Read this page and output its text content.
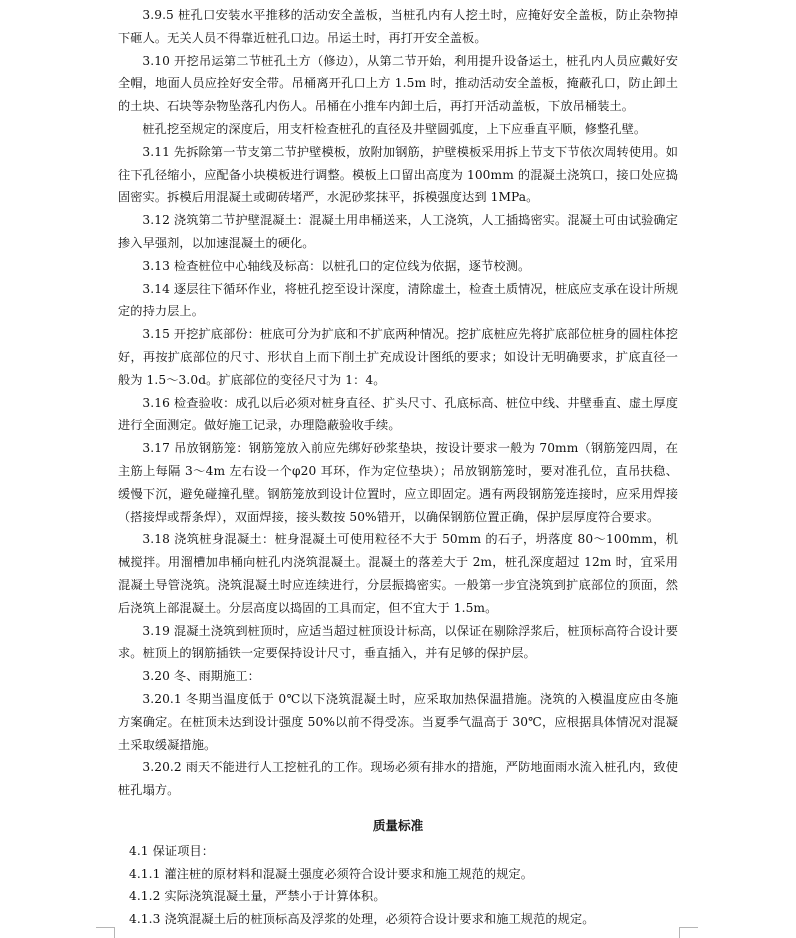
3.9.5 桩孔口安装水平推移的活动安全盖板，当桩孔内有人挖土时，应掩好安全盖板，防止杂物掉下砸人。无关人员不得靠近桩孔口边。吊运土时，再打开安全盖板。

3.10 开挖吊运第二节桩孔土方（修边），从第二节开始，利用提升设备运土，桩孔内人员应戴好安全帽，地面人员应拴好安全带。吊桶离开孔口上方 1.5m 时，推动活动安全盖板，掩蔽孔口，防止卸土的土块、石块等杂物坠落孔内伤人。吊桶在小推车内卸土后，再打开活动盖板，下放吊桶装土。

桩孔挖至规定的深度后，用支杆检查桩孔的直径及井壁圆弧度，上下应垂直平顺，修整孔壁。

3.11 先拆除第一节支第二节护壁模板，放附加钢筋，护壁模板采用拆上节支下节依次周转使用。如往下孔径缩小，应配备小块模板进行调整。模板上口留出高度为 100mm 的混凝土浇筑口，接口处应捣固密实。拆模后用混凝土或砌砖堵严，水泥砂浆抹平，拆模强度达到 1MPa。

3.12 浇筑第二节护壁混凝土：混凝土用串桶送来，人工浇筑，人工插捣密实。混凝土可由试验确定掺入早强剂，以加速混凝土的硬化。

3.13 检查桩位中心轴线及标高：以桩孔口的定位线为依据，逐节校测。

3.14 逐层往下循环作业，将桩孔挖至设计深度，清除虚土，检查土质情况，桩底应支承在设计所规定的持力层上。

3.15 开挖扩底部份：桩底可分为扩底和不扩底两种情况。挖扩底桩应先将扩底部位桩身的圆柱体挖好，再按扩底部位的尺寸、形状自上而下削土扩充成设计图纸的要求；如设计无明确要求，扩底直径一般为 1.5～3.0d。扩底部位的变径尺寸为 1：4。

3.16 检查验收：成孔以后必须对桩身直径、扩头尺寸、孔底标高、桩位中线、井壁垂直、虚土厚度进行全面测定。做好施工记录，办理隐蔽验收手续。

3.17 吊放钢筋笼：钢筋笼放入前应先绑好砂浆垫块，按设计要求一般为 70mm（钢筋笼四周，在主筋上每隔 3～4m 左右设一个φ20 耳环，作为定位垫块）；吊放钢筋笼时，要对准孔位，直吊扶稳、缓慢下沉，避免碰撞孔壁。钢筋笼放到设计位置时，应立即固定。遇有两段钢筋笼连接时，应采用焊接（搭接焊或帮条焊），双面焊接，接头数按 50%错开，以确保钢筋位置正确，保护层厚度符合要求。

3.18 浇筑桩身混凝土：桩身混凝土可使用粒径不大于 50mm 的石子，坍落度 80～100mm，机械搅拌。用溜槽加串桶向桩孔内浇筑混凝土。混凝土的落差大于 2m，桩孔深度超过 12m 时，宜采用混凝土导管浇筑。浇筑混凝土时应连续进行，分层振捣密实。一般第一步宜浇筑到扩底部位的顶面，然后浇筑上部混凝土。分层高度以捣固的工具而定，但不宜大于 1.5m。

3.19 混凝土浇筑到桩顶时，应适当超过桩顶设计标高，以保证在剔除浮浆后，桩顶标高符合设计要求。桩顶上的钢筋插铁一定要保持设计尺寸，垂直插入，并有足够的保护层。

3.20 冬、雨期施工：

3.20.1 冬期当温度低于 0℃以下浇筑混凝土时，应采取加热保温措施。浇筑的入模温度应由冬施方案确定。在桩顶未达到设计强度 50%以前不得受冻。当夏季气温高于 30℃，应根据具体情况对混凝土采取缓凝措施。

3.20.2 雨天不能进行人工挖桩孔的工作。现场必须有排水的措施，严防地面雨水流入桩孔内，致使桩孔塌方。

质量标准

4.1 保证项目：

4.1.1 灌注桩的原材料和混凝土强度必须符合设计要求和施工规范的规定。

4.1.2 实际浇筑混凝土量，严禁小于计算体积。

4.1.3 浇筑混凝土后的桩顶标高及浮浆的处理，必须符合设计要求和施工规范的规定。
